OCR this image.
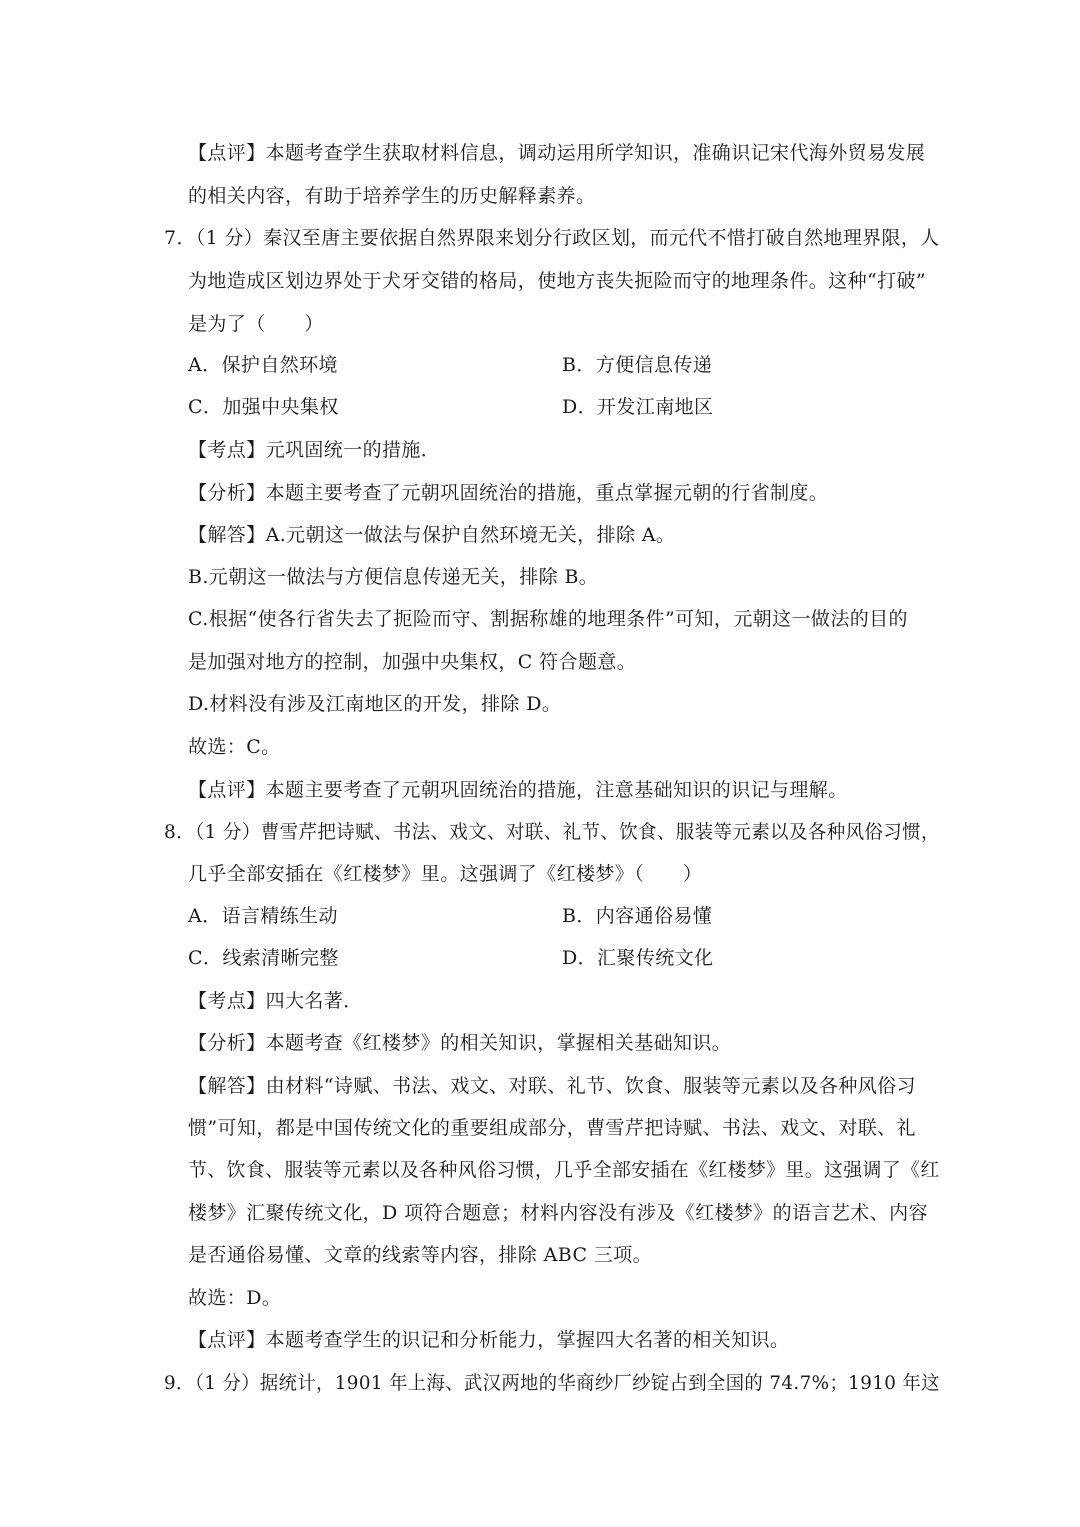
【点评】本题考查学生获取材料信息，调动运用所学知识，准确识记宋代海外贸易发展

的相关内容，有助于培养学生的历史解释素养。

7．（1 分）秦汉至唐主要依据自然界限来划分行政区划，而元代不惜打破自然地理界限，人

为地造成区划边界处于犬牙交错的格局，使地方丧失扼险而守的地理条件。这种“打破”

是为了（　　）

A．保护自然环境	B．方便信息传递
C．加强中央集权	D．开发江南地区

【考点】元巩固统一的措施．

【分析】本题主要考查了元朝巩固统治的措施，重点掌握元朝的行省制度。

【解答】A.元朝这一做法与保护自然环境无关，排除 A。

B.元朝这一做法与方便信息传递无关，排除 B。

C.根据“使各行省失去了扼险而守、割据称雄的地理条件”可知，元朝这一做法的目的

是加强对地方的控制，加强中央集权，C 符合题意。

D.材料没有涉及江南地区的开发，排除 D。

故选：C。

【点评】本题主要考查了元朝巩固统治的措施，注意基础知识的识记与理解。

8．（1 分）曹雪芹把诗赋、书法、戏文、对联、礼节、饮食、服装等元素以及各种风俗习惯，

几乎全部安插在《红楼梦》里。这强调了《红楼梦》（　　）

A．语言精练生动	B．内容通俗易懂
C．线索清晰完整	D．汇聚传统文化

【考点】四大名著．

【分析】本题考查《红楼梦》的相关知识，掌握相关基础知识。

【解答】由材料“诗赋、书法、戏文、对联、礼节、饮食、服装等元素以及各种风俗习

惯”可知，都是中国传统文化的重要组成部分，曹雪芹把诗赋、书法、戏文、对联、礼

节、饮食、服装等元素以及各种风俗习惯，几乎全部安插在《红楼梦》里。这强调了《红

楼梦》汇聚传统文化，D 项符合题意；材料内容没有涉及《红楼梦》的语言艺术、内容

是否通俗易懂、文章的线索等内容，排除 ABC 三项。

故选：D。

【点评】本题考查学生的识记和分析能力，掌握四大名著的相关知识。

9．（1 分）据统计，1901 年上海、武汉两地的华商纱厂纱锭占到全国的 74.7%；1910 年这
